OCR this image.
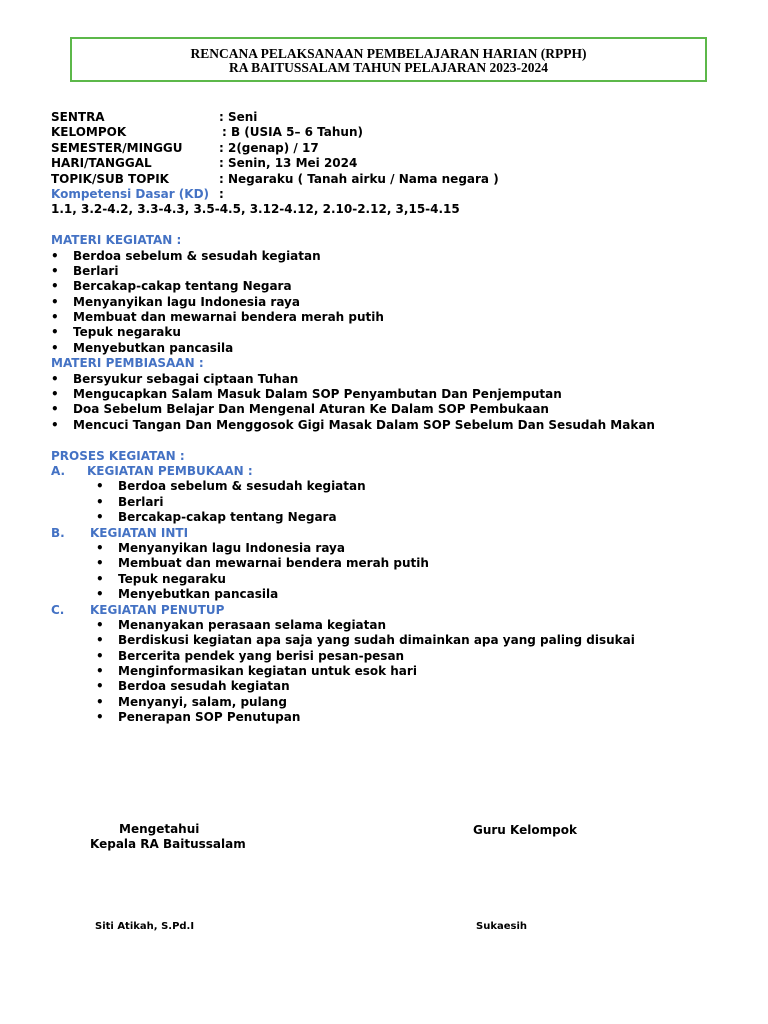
RENCANA PELAKSANAAN PEMBELAJARAN HARIAN (RPPH)
RA BAITUSSALAM TAHUN PELAJARAN 2023-2024
SENTRA	: Seni
KELOMPOK	: B (USIA 5– 6 Tahun)
SEMESTER/MINGGU	: 2(genap) / 17
HARI/TANGGAL	: Senin, 13 Mei 2024
TOPIK/SUB TOPIK	: Negaraku ( Tanah airku / Nama negara )
Kompetensi Dasar (KD) :
1.1, 3.2-4.2, 3.3-4.3, 3.5-4.5, 3.12-4.12, 2.10-2.12, 3,15-4.15
MATERI KEGIATAN :
• Berdoa sebelum & sesudah kegiatan
• Berlari
• Bercakap-cakap tentang Negara
• Menyanyikan lagu Indonesia raya
• Membuat dan mewarnai bendera merah putih
• Tepuk negaraku
• Menyebutkan pancasila
MATERI PEMBIASAAN :
• Bersyukur sebagai ciptaan Tuhan
• Mengucapkan Salam Masuk Dalam SOP Penyambutan Dan Penjemputan
• Doa Sebelum Belajar Dan Mengenal Aturan Ke Dalam SOP Pembukaan
• Mencuci Tangan Dan Menggosok Gigi Masak Dalam SOP Sebelum Dan Sesudah Makan
PROSES KEGIATAN :
A. KEGIATAN PEMBUKAAN :
• Berdoa sebelum & sesudah kegiatan
• Berlari
• Bercakap-cakap tentang Negara
B. KEGIATAN INTI
• Menyanyikan lagu Indonesia raya
• Membuat dan mewarnai bendera merah putih
• Tepuk negaraku
• Menyebutkan pancasila
C. KEGIATAN PENUTUP
• Menanyakan perasaan selama kegiatan
• Berdiskusi kegiatan apa saja yang sudah dimainkan apa yang paling disukai
• Bercerita pendek yang berisi pesan-pesan
• Menginformasikan kegiatan untuk esok hari
• Berdoa sesudah kegiatan
• Menyanyi, salam, pulang
• Penerapan SOP Penutupan
Mengetahui
Kepala RA Baitussalam
Guru Kelompok
Siti Atikah, S.Pd.I	Sukaesih
